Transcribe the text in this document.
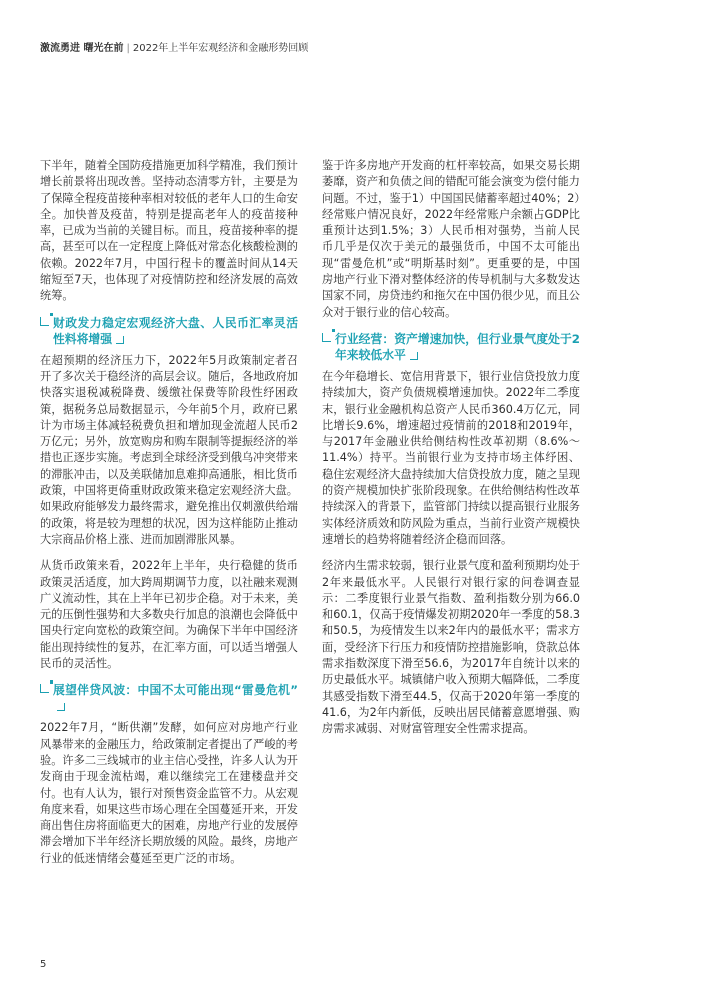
激流勇进 曙光在前 | 2022年上半年宏观经济和金融形势回顾

下半年，随着全国防疫措施更加科学精准，我们预计增长前景将出现改善。坚持动态清零方针，主要是为了保障全程疫苗接种率相对较低的老年人口的生命安全。加快普及疫苗，特别是提高老年人的疫苗接种率，已成为当前的关键目标。而且，疫苗接种率的提高，甚至可以在一定程度上降低对常态化核酸检测的依赖。2022年7月，中国行程卡的覆盖时间从14天缩短至7天，也体现了对疫情防控和经济发展的高效统筹。

财政发力稳定宏观经济大盘、人民币汇率灵活性料将增强

在超预期的经济压力下，2022年5月政策制定者召开了多次关于稳经济的高层会议。随后，各地政府加快落实退税减税降费、缓缴社保费等阶段性纾困政策，据税务总局数据显示，今年前5个月，政府已累计为市场主体减轻税费负担和增加现金流超人民币2万亿元；另外，放宽购房和购车限制等提振经济的举措也正逐步实施。考虑到全球经济受到俄乌冲突带来的滞胀冲击，以及美联储加息难抑高通胀，相比货币政策，中国将更倚重财政政策来稳定宏观经济大盘。如果政府能够发力最终需求，避免推出仅刺激供给端的政策，将是较为理想的状况，因为这样能防止推动大宗商品价格上涨、进而加剧滞胀风暴。

从货币政策来看，2022年上半年，央行稳健的货币政策灵活适度，加大跨周期调节力度，以社融来观测广义流动性，其在上半年已初步企稳。对于未来，美元的压倒性强势和大多数央行加息的浪潮也会降低中国央行定向宽松的政策空间。为确保下半年中国经济能出现持续性的复苏，在汇率方面，可以适当增强人民币的灵活性。

展望伴贷风波：中国不太可能出现“雷曼危机”

2022年7月，“断供潮”发酵，如何应对房地产行业风暴带来的金融压力，给政策制定者提出了严峻的考验。许多二三线城市的业主信心受挫，许多人认为开发商由于现金流枯竭，难以继续完工在建楼盘并交付。也有人认为，银行对预售资金监管不力。从宏观角度来看，如果这些市场心理在全国蔓延开来，开发商出售住房将面临更大的困难，房地产行业的发展停滞会增加下半年经济长期放缓的风险。最终，房地产行业的低迷情绪会蔓延至更广泛的市场。

鉴于许多房地产开发商的杠杆率较高，如果交易长期萎靡，资产和负债之间的错配可能会演变为偿付能力问题。不过，鉴于1）中国国民储蓄率超过40%；2）经常账户情况良好，2022年经常账户余额占GDP比重预计达到1.5%；3）人民币相对强势，当前人民币几乎是仅次于美元的最强货币，中国不太可能出现“雷曼危机”或“明斯基时刻”。更重要的是，中国房地产行业下滑对整体经济的传导机制与大多数发达国家不同，房贷违约和拖欠在中国仍很少见，而且公众对于银行业的信心较高。

行业经营：资产增速加快，但行业景气度处于2年来较低水平

在今年稳增长、宽信用背景下，银行业信贷投放力度持续加大，资产负债规模增速加快。2022年二季度末，银行业金融机构总资产人民币360.4万亿元，同比增长9.6%，增速超过疫情前的2018和2019年，与2017年金融业供给侧结构性改革初期（8.6%～11.4%）持平。当前银行业为支持市场主体纾困、稳住宏观经济大盘持续加大信贷投放力度，随之呈现的资产规模加快扩张阶段现象。在供给侧结构性改革持续深入的背景下，监管部门持续以提高银行业服务实体经济质效和防风险为重点，当前行业资产规模快速增长的趋势将随着经济企稳而回落。

经济内生需求较弱，银行业景气度和盈利预期均处于2年来最低水平。人民银行对银行家的问卷调查显示：二季度银行业景气指数、盈利指数分别为66.0和60.1，仅高于疫情爆发初期2020年一季度的58.3和50.5，为疫情发生以来2年内的最低水平；需求方面，受经济下行压力和疫情防控措施影响，贷款总体需求指数深度下滑至56.6，为2017年自统计以来的历史最低水平。城镇储户收入预期大幅降低，二季度其感受指数下滑至44.5，仅高于2020年第一季度的41.6，为2年内新低，反映出居民储蓄意愿增强、购房需求减弱、对财富管理安全性需求提高。

5
